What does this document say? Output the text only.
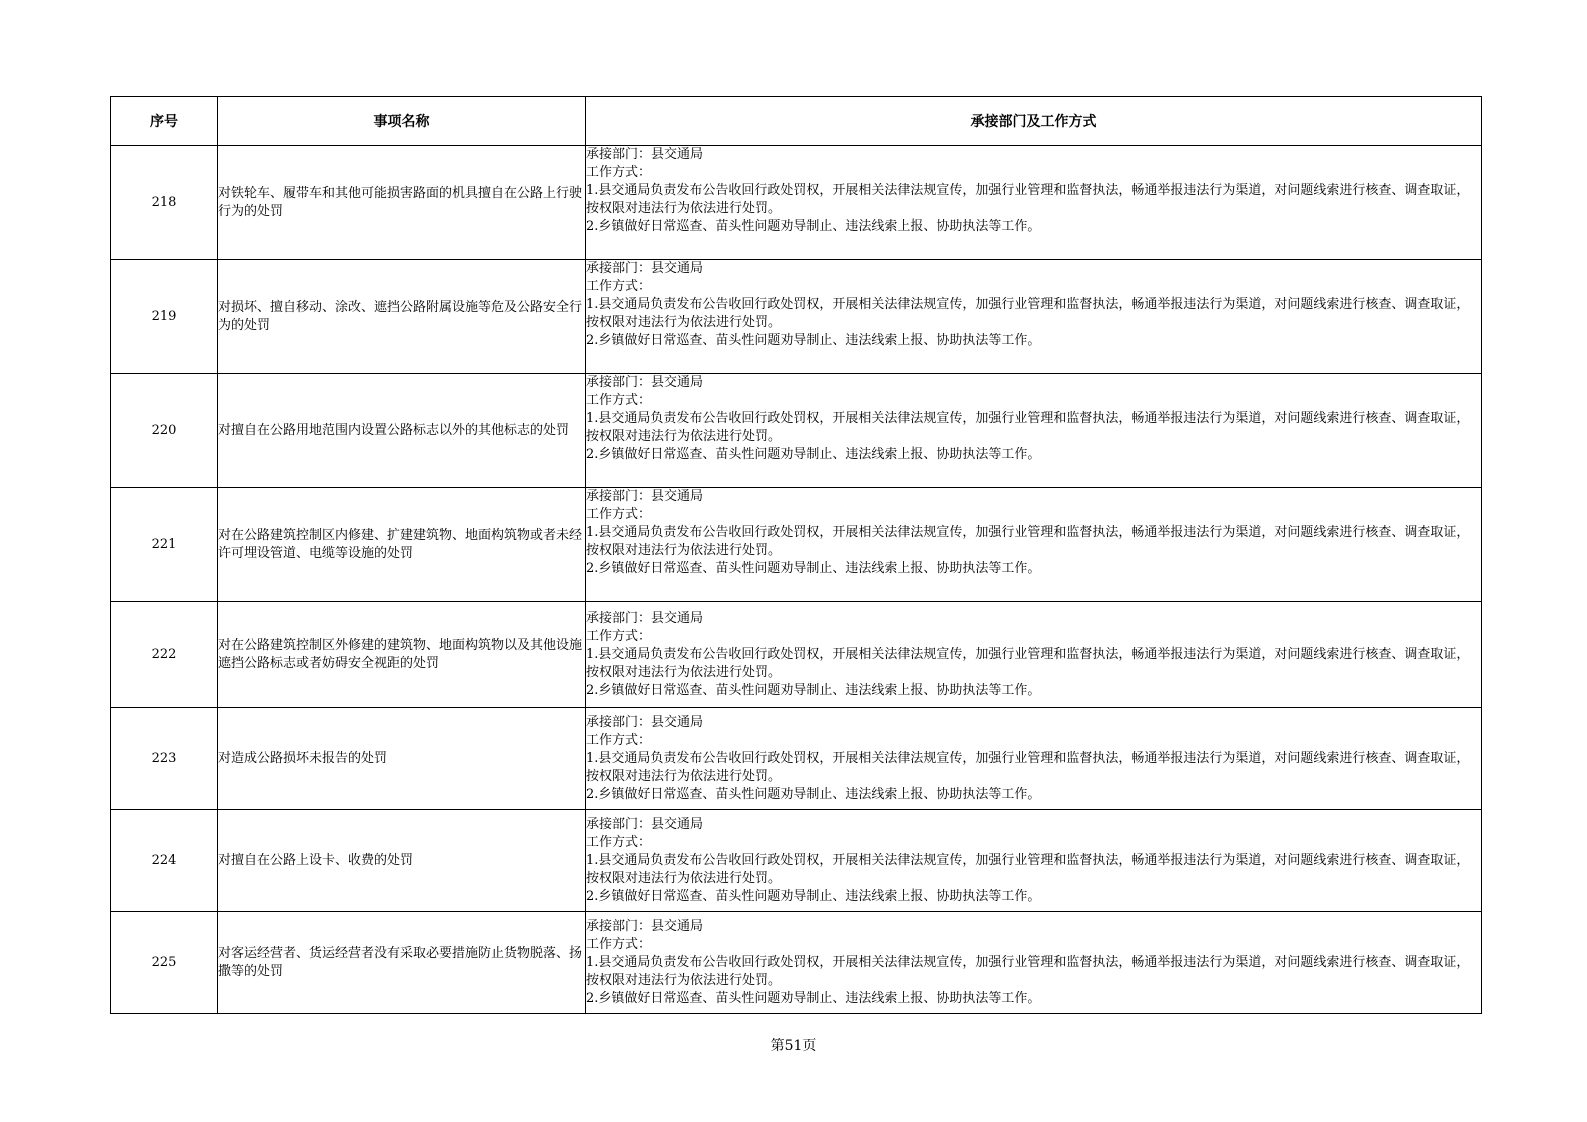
序号	事项名称	承接部门及工作方式
218	对铁轮车、履带车和其他可能损害路面的机具擅自在公路上行驶行为的处罚	承接部门：县交通局
工作方式：
1.县交通局负责发布公告收回行政处罚权，开展相关法律法规宣传，加强行业管理和监督执法，畅通举报违法行为渠道，对问题线索进行核查、调查取证，按权限对违法行为依法进行处罚。
2.乡镇做好日常巡查、苗头性问题劝导制止、违法线索上报、协助执法等工作。

219	对损坏、擅自移动、涂改、遮挡公路附属设施等危及公路安全行为的处罚	承接部门：县交通局
工作方式：
1.县交通局负责发布公告收回行政处罚权，开展相关法律法规宣传，加强行业管理和监督执法，畅通举报违法行为渠道，对问题线索进行核查、调查取证，按权限对违法行为依法进行处罚。
2.乡镇做好日常巡查、苗头性问题劝导制止、违法线索上报、协助执法等工作。

220	对擅自在公路用地范围内设置公路标志以外的其他标志的处罚	承接部门：县交通局
工作方式：
1.县交通局负责发布公告收回行政处罚权，开展相关法律法规宣传，加强行业管理和监督执法，畅通举报违法行为渠道，对问题线索进行核查、调查取证，按权限对违法行为依法进行处罚。
2.乡镇做好日常巡查、苗头性问题劝导制止、违法线索上报、协助执法等工作。

221	对在公路建筑控制区内修建、扩建建筑物、地面构筑物或者未经许可埋设管道、电缆等设施的处罚	承接部门：县交通局
工作方式：
1.县交通局负责发布公告收回行政处罚权，开展相关法律法规宣传，加强行业管理和监督执法，畅通举报违法行为渠道，对问题线索进行核查、调查取证，按权限对违法行为依法进行处罚。
2.乡镇做好日常巡查、苗头性问题劝导制止、违法线索上报、协助执法等工作。

222	对在公路建筑控制区外修建的建筑物、地面构筑物以及其他设施遮挡公路标志或者妨碍安全视距的处罚	承接部门：县交通局
工作方式：
1.县交通局负责发布公告收回行政处罚权，开展相关法律法规宣传，加强行业管理和监督执法，畅通举报违法行为渠道，对问题线索进行核查、调查取证，按权限对违法行为依法进行处罚。
2.乡镇做好日常巡查、苗头性问题劝导制止、违法线索上报、协助执法等工作。

223	对造成公路损坏未报告的处罚	承接部门：县交通局
工作方式：
1.县交通局负责发布公告收回行政处罚权，开展相关法律法规宣传，加强行业管理和监督执法，畅通举报违法行为渠道，对问题线索进行核查、调查取证，按权限对违法行为依法进行处罚。
2.乡镇做好日常巡查、苗头性问题劝导制止、违法线索上报、协助执法等工作。

224	对擅自在公路上设卡、收费的处罚	承接部门：县交通局
工作方式：
1.县交通局负责发布公告收回行政处罚权，开展相关法律法规宣传，加强行业管理和监督执法，畅通举报违法行为渠道，对问题线索进行核查、调查取证，按权限对违法行为依法进行处罚。
2.乡镇做好日常巡查、苗头性问题劝导制止、违法线索上报、协助执法等工作。

225	对客运经营者、货运经营者没有采取必要措施防止货物脱落、扬撒等的处罚	承接部门：县交通局
工作方式：
1.县交通局负责发布公告收回行政处罚权，开展相关法律法规宣传，加强行业管理和监督执法，畅通举报违法行为渠道，对问题线索进行核查、调查取证，按权限对违法行为依法进行处罚。
2.乡镇做好日常巡查、苗头性问题劝导制止、违法线索上报、协助执法等工作。
第51页
